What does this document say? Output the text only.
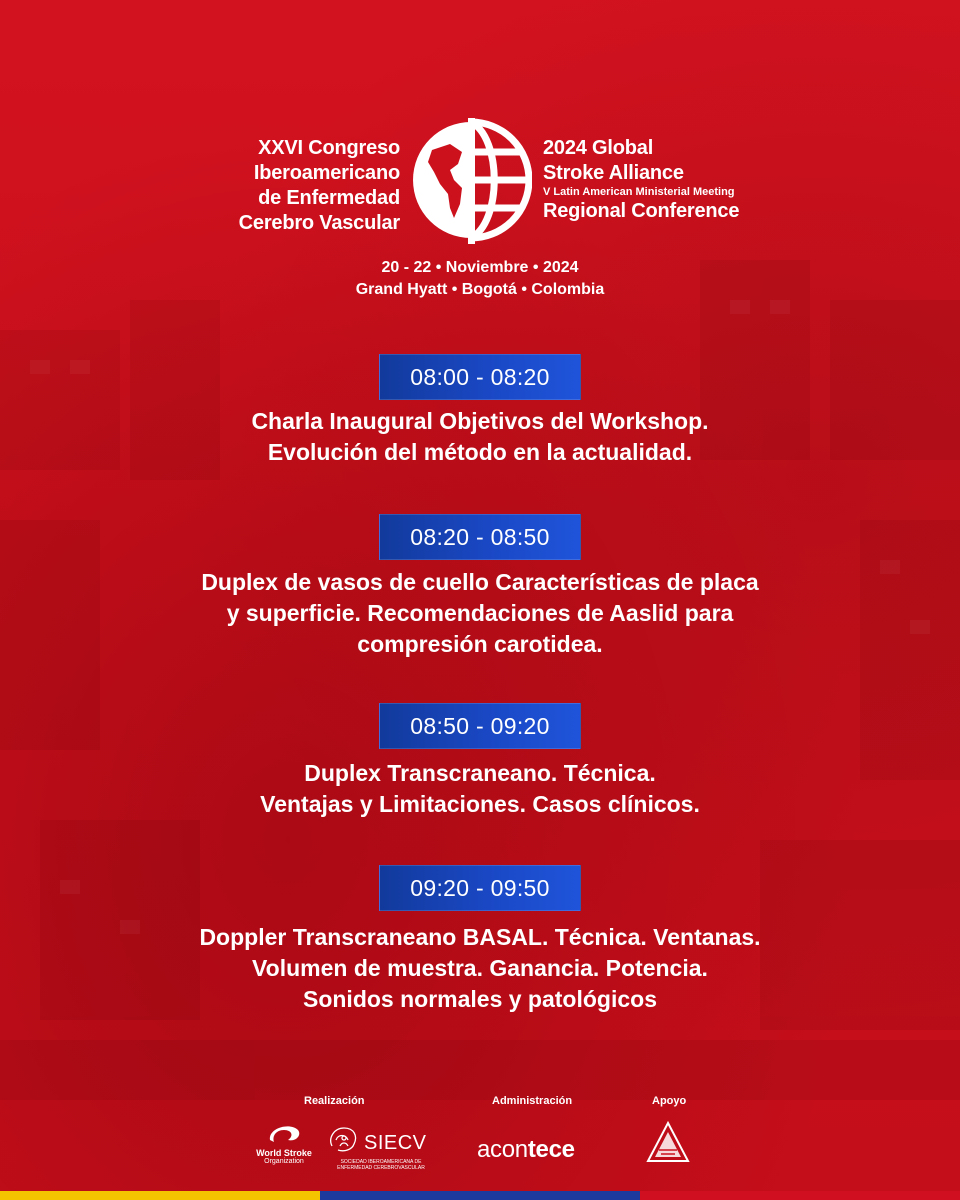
XXVI Congreso
Iberoamericano
de Enfermedad
Cerebro Vascular
2024 Global
Stroke Alliance
V Latin American Ministerial Meeting
Regional Conference
20 - 22 • Noviembre • 2024
Grand Hyatt • Bogotá • Colombia
08:00 - 08:20
Charla Inaugural Objetivos del Workshop.
Evolución del método en la actualidad.
08:20 - 08:50
Duplex de vasos de cuello Características de placa
y superficie. Recomendaciones de Aaslid para
compresión carotidea.
08:50 - 09:20
Duplex Transcraneano. Técnica.
Ventajas y Limitaciones. Casos clínicos.
09:20 - 09:50
Doppler Transcraneano BASAL. Técnica. Ventanas.
Volumen de muestra. Ganancia. Potencia.
Sonidos normales y patológicos
Realización	Administración	Apoyo
World Stroke
Organization
SIECV
SOCIEDAD IBEROAMERICANA DE ENFERMEDAD CEREBROVASCULAR
acontece
